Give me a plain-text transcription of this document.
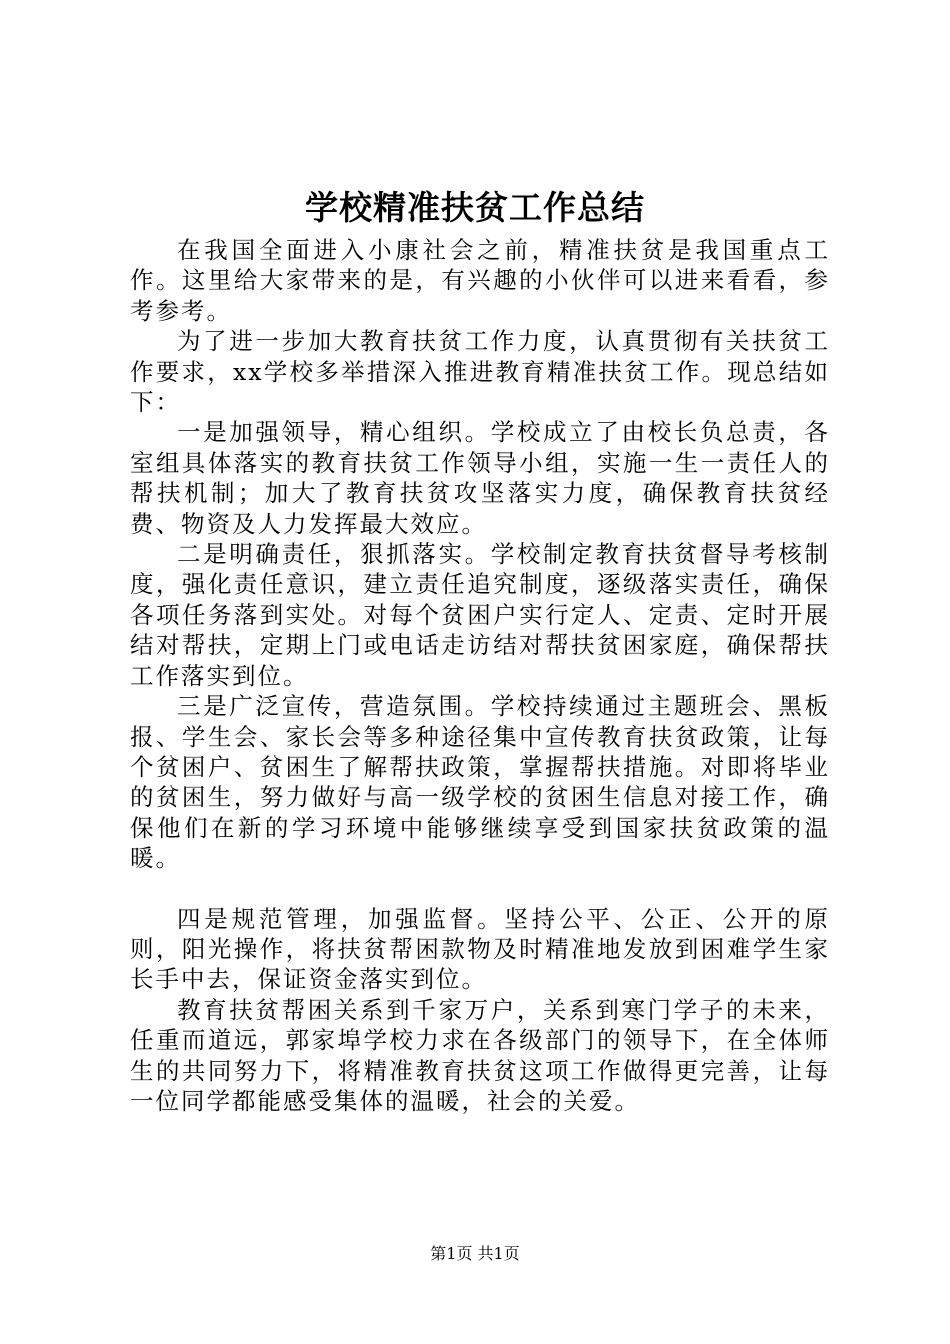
学校精准扶贫工作总结

在我国全面进入小康社会之前，精准扶贫是我国重点工作。这里给大家带来的是，有兴趣的小伙伴可以进来看看，参考参考。

为了进一步加大教育扶贫工作力度，认真贯彻有关扶贫工作要求，xx学校多举措深入推进教育精准扶贫工作。现总结如下：

一是加强领导，精心组织。学校成立了由校长负总责，各室组具体落实的教育扶贫工作领导小组，实施一生一责任人的帮扶机制；加大了教育扶贫攻坚落实力度，确保教育扶贫经费、物资及人力发挥最大效应。

二是明确责任，狠抓落实。学校制定教育扶贫督导考核制度，强化责任意识，建立责任追究制度，逐级落实责任，确保各项任务落到实处。对每个贫困户实行定人、定责、定时开展结对帮扶，定期上门或电话走访结对帮扶贫困家庭，确保帮扶工作落实到位。

三是广泛宣传，营造氛围。学校持续通过主题班会、黑板报、学生会、家长会等多种途径集中宣传教育扶贫政策，让每个贫困户、贫困生了解帮扶政策，掌握帮扶措施。对即将毕业的贫困生，努力做好与高一级学校的贫困生信息对接工作，确保他们在新的学习环境中能够继续享受到国家扶贫政策的温暖。

四是规范管理，加强监督。坚持公平、公正、公开的原则，阳光操作，将扶贫帮困款物及时精准地发放到困难学生家长手中去，保证资金落实到位。

教育扶贫帮困关系到千家万户，关系到寒门学子的未来，任重而道远，郭家埠学校力求在各级部门的领导下，在全体师生的共同努力下，将精准教育扶贫这项工作做得更完善，让每一位同学都能感受集体的温暖，社会的关爱。

第1页 共1页
